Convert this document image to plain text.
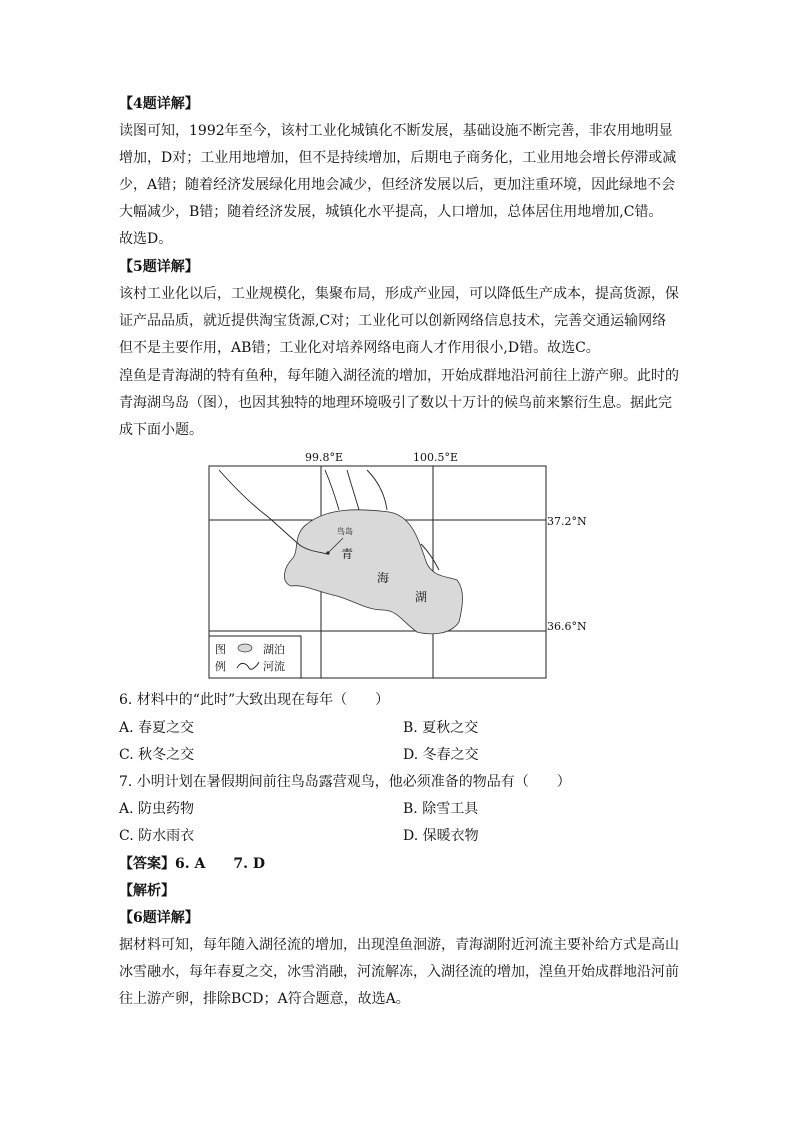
【4题详解】
读图可知，1992年至今，该村工业化城镇化不断发展，基础设施不断完善，非农用地明显
增加，D对；工业用地增加，但不是持续增加，后期电子商务化，工业用地会增长停滞或减
少，A错；随着经济发展绿化用地会减少，但经济发展以后，更加注重环境，因此绿地不会
大幅减少，B错；随着经济发展，城镇化水平提高，人口增加，总体居住用地增加,C错。
故选D。
【5题详解】
该村工业化以后，工业规模化，集聚布局，形成产业园，可以降低生产成本，提高货源，保
证产品品质，就近提供淘宝货源,C对；工业化可以创新网络信息技术，完善交通运输网络
但不是主要作用，AB错；工业化对培养网络电商人才作用很小,D错。故选C。
湟鱼是青海湖的特有鱼种，每年随入湖径流的增加，开始成群地沿河前往上游产卵。此时的
青海湖鸟岛（图），也因其独特的地理环境吸引了数以十万计的候鸟前来繁衍生息。据此完
成下面小题。
鸟岛
青
海
湖
99.8°E	100.5°E
37.2°N
36.6°N
图
例
湖泊
河流
6. 材料中的“此时”大致出现在每年（　　）
A. 春夏之交	B. 夏秋之交
C. 秋冬之交	D. 冬春之交
7. 小明计划在暑假期间前往鸟岛露营观鸟，他必须准备的物品有（　　）
A. 防虫药物	B. 除雪工具
C. 防水雨衣	D. 保暖衣物
【答案】6. A　　7. D
【解析】
【6题详解】
据材料可知，每年随入湖径流的增加，出现湟鱼洄游，青海湖附近河流主要补给方式是高山
冰雪融水，每年春夏之交，冰雪消融，河流解冻，入湖径流的增加，湟鱼开始成群地沿河前
往上游产卵，排除BCD；A符合题意，故选A。
